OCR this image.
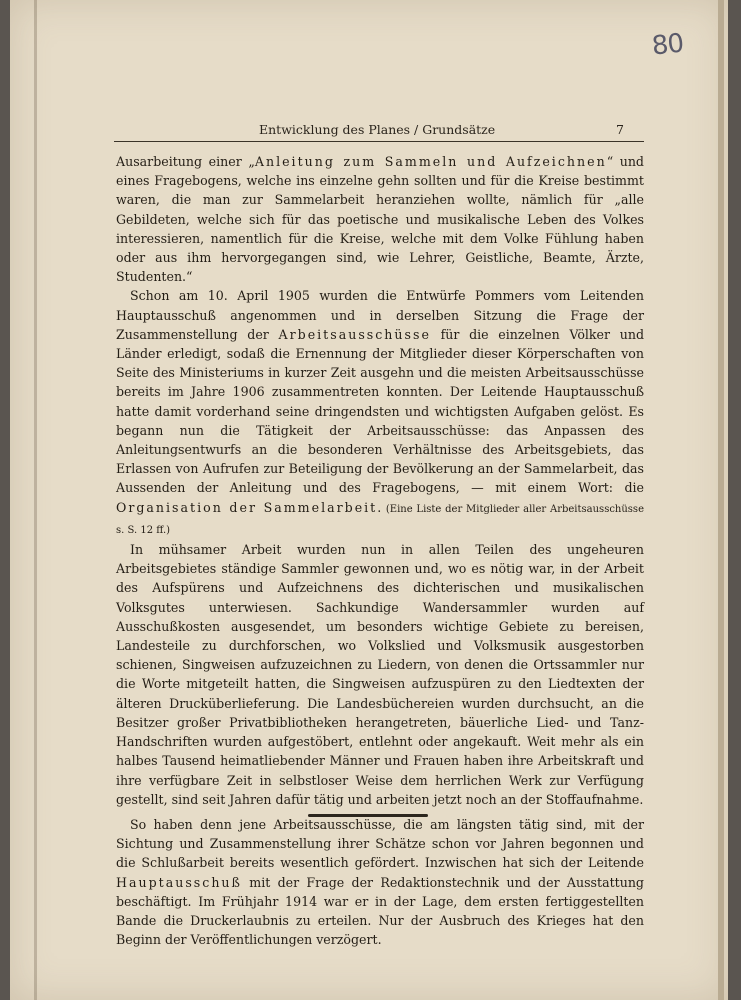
80
Entwicklung des Planes / Grundsätze	7

Ausarbeitung einer „Anleitung zum Sammeln und Aufzeichnen“ und eines Fragebogens, welche ins einzelne gehn sollten und für die Kreise bestimmt waren, die man zur Sammelarbeit heranziehen wollte, nämlich für „alle Gebildeten, welche sich für das poetische und musikalische Leben des Volkes interessieren, namentlich für die Kreise, welche mit dem Volke Fühlung haben oder aus ihm hervorgegangen sind, wie Lehrer, Geistliche, Beamte, Ärzte, Studenten.“

Schon am 10. April 1905 wurden die Entwürfe Pommers vom Leitenden Hauptausschuß angenommen und in derselben Sitzung die Frage der Zusammenstellung der Arbeitsausschüsse für die einzelnen Völker und Länder erledigt, sodaß die Ernennung der Mitglieder dieser Körperschaften von Seite des Ministeriums in kurzer Zeit ausgehn und die meisten Arbeitsausschüsse bereits im Jahre 1906 zusammentreten konnten. Der Leitende Hauptausschuß hatte damit vorderhand seine dringendsten und wichtigsten Aufgaben gelöst. Es begann nun die Tätigkeit der Arbeitsausschüsse: das Anpassen des Anleitungsentwurfs an die besonderen Verhältnisse des Arbeitsgebiets, das Erlassen von Aufrufen zur Beteiligung der Bevölkerung an der Sammelarbeit, das Aussenden der Anleitung und des Fragebogens, — mit einem Wort: die Organisation der Sammelarbeit. (Eine Liste der Mitglieder aller Arbeitsausschüsse s. S. 12 ff.)

In mühsamer Arbeit wurden nun in allen Teilen des ungeheuren Arbeitsgebietes ständige Sammler gewonnen und, wo es nötig war, in der Arbeit des Aufspürens und Aufzeichnens des dichterischen und musikalischen Volksgutes unterwiesen. Sachkundige Wandersammler wurden auf Ausschußkosten ausgesendet, um besonders wichtige Gebiete zu bereisen, Landesteile zu durchforschen, wo Volkslied und Volksmusik ausgestorben schienen, Singweisen aufzuzeichnen zu Liedern, von denen die Ortssammler nur die Worte mitgeteilt hatten, die Singweisen aufzuspüren zu den Liedtexten der älteren Drucküberlieferung. Die Landesbüchereien wurden durchsucht, an die Besitzer großer Privatbibliotheken herangetreten, bäuerliche Lied- und Tanz-Handschriften wurden aufgestöbert, entlehnt oder angekauft. Weit mehr als ein halbes Tausend heimatliebender Männer und Frauen haben ihre Arbeitskraft und ihre verfügbare Zeit in selbstloser Weise dem herrlichen Werk zur Verfügung gestellt, sind seit Jahren dafür tätig und arbeiten jetzt noch an der Stoffaufnahme.

So haben denn jene Arbeitsausschüsse, die am längsten tätig sind, mit der Sichtung und Zusammenstellung ihrer Schätze schon vor Jahren begonnen und die Schlußarbeit bereits wesentlich gefördert. Inzwischen hat sich der Leitende Hauptausschuß mit der Frage der Redaktionstechnik und der Ausstattung beschäftigt. Im Frühjahr 1914 war er in der Lage, dem ersten fertiggestellten Bande die Druckerlaubnis zu erteilen. Nur der Ausbruch des Krieges hat den Beginn der Veröffentlichungen verzögert.
